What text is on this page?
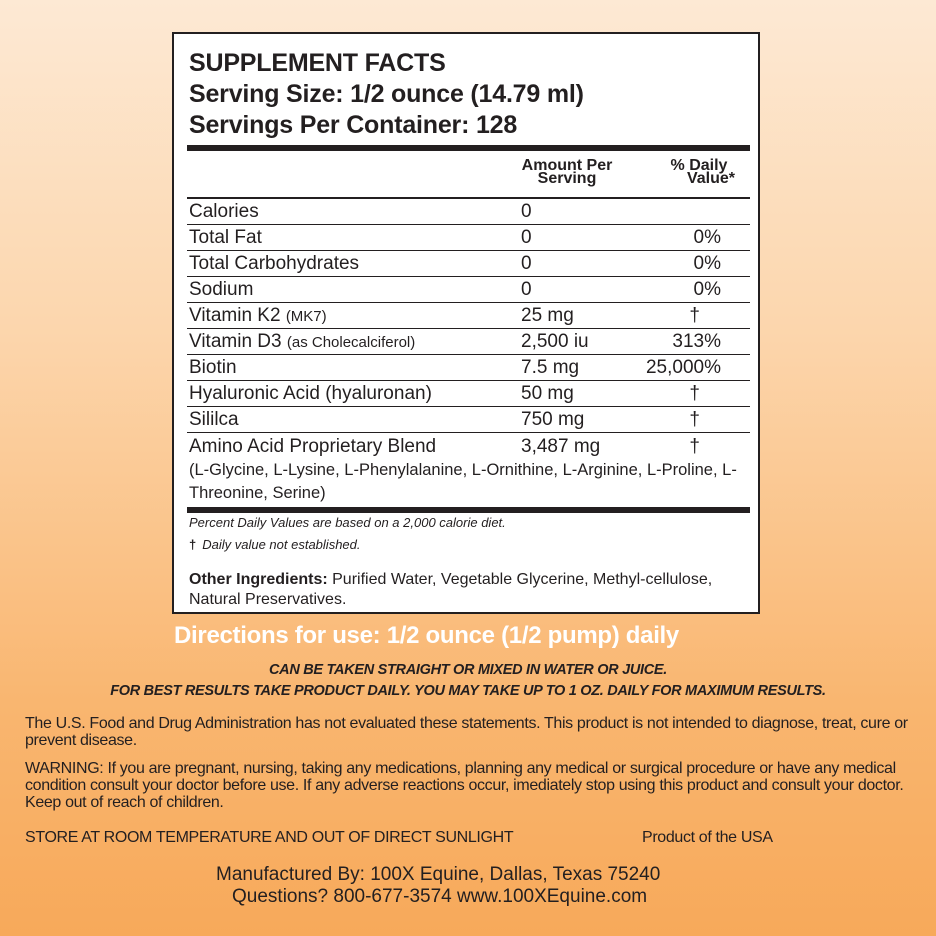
SUPPLEMENT FACTS
Serving Size: 1/2 ounce (14.79 ml)
Servings Per Container: 128
Amount Per
Serving
% Daily
Value*
Calories	0
Total Fat	0	0%
Total Carbohydrates	0	0%
Sodium	0	0%
Vitamin K2 (MK7)	25 mg	†
Vitamin D3 (as Cholecalciferol)	2,500 iu	313%
Biotin	7.5 mg	25,000%
Hyaluronic Acid (hyaluronan)	50 mg	†
Sililca	750 mg	†
Amino Acid Proprietary Blend	3,487 mg	†
(L-Glycine, L-Lysine, L-Phenylalanine, L-Ornithine, L-Arginine, L-Proline, L-Threonine, Serine)
Percent Daily Values are based on a 2,000 calorie diet.
† Daily value not established.
Other Ingredients: Purified Water, Vegetable Glycerine, Methyl-cellulose, Natural Preservatives.
Directions for use: 1/2 ounce (1/2 pump) daily
CAN BE TAKEN STRAIGHT OR MIXED IN WATER OR JUICE.
FOR BEST RESULTS TAKE PRODUCT DAILY. YOU MAY TAKE UP TO 1 OZ. DAILY FOR MAXIMUM RESULTS.
The U.S. Food and Drug Administration has not evaluated these statements. This product is not intended to diagnose, treat, cure or prevent disease.
WARNING: If you are pregnant, nursing, taking any medications, planning any medical or surgical procedure or have any medical condition consult your doctor before use. If any adverse reactions occur, imediately stop using this product and consult your doctor. Keep out of reach of children.
STORE AT ROOM TEMPERATURE AND OUT OF DIRECT SUNLIGHT	Product of the USA
Manufactured By: 100X Equine, Dallas, Texas 75240
Questions? 800-677-3574 www.100XEquine.com
